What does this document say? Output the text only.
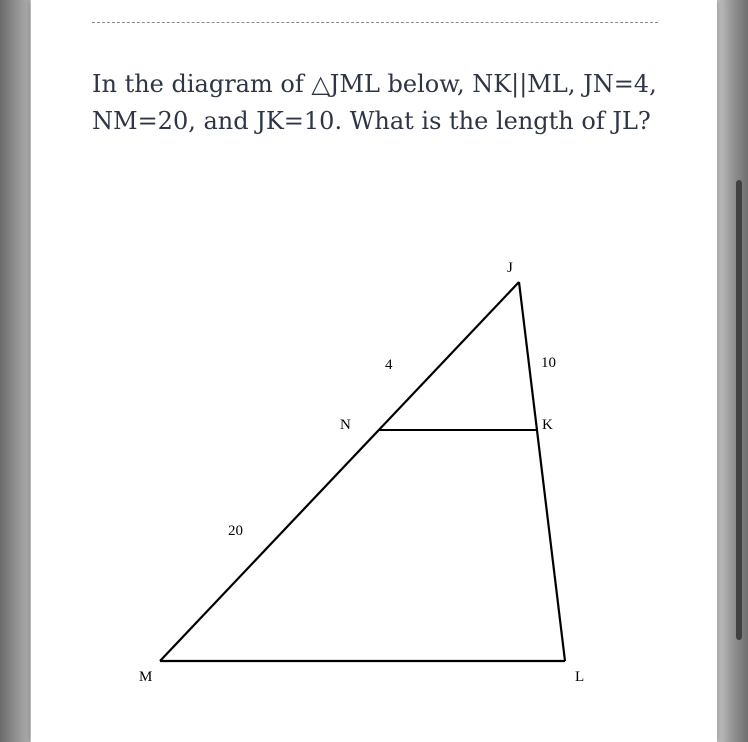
In the diagram of △JML below, NK||ML, JN=4, NM=20, and JK=10. What is the length of JL?

J
N	K
M	L
4	10
20
